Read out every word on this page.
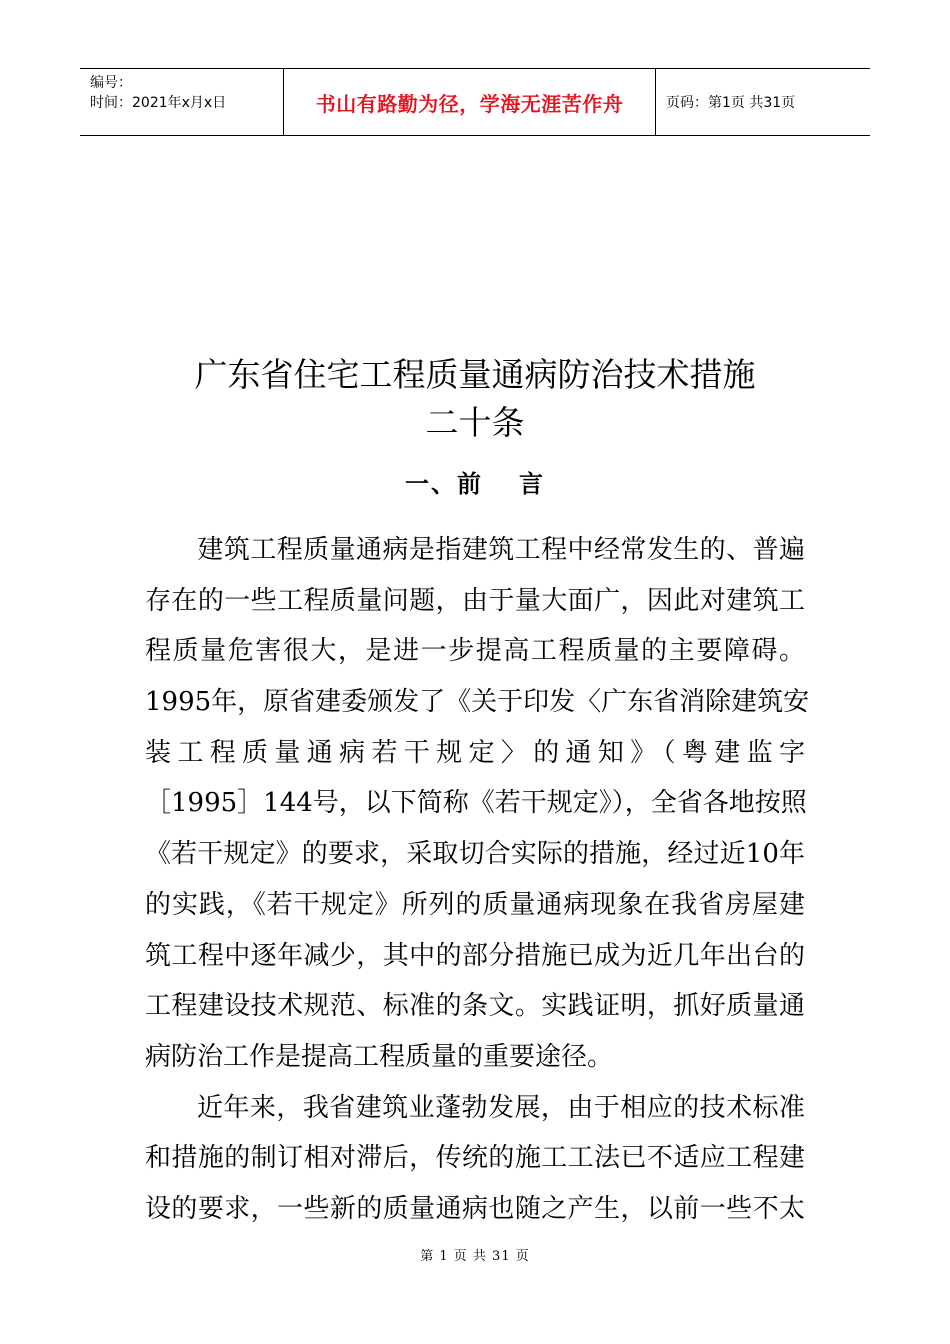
编号：
时间：2021年x月x日	书山有路勤为径，学海无涯苦作舟	页码：第1页 共31页
广东省住宅工程质量通病防治技术措施
二十条
一、前 言
　建筑工程质量通病是指建筑工程中经常发生的、普遍
存在的一些工程质量问题，由于量大面广，因此对建筑工
程质量危害很大，是进一步提高工程质量的主要障碍。
1995年，原省建委颁发了《关于印发〈广东省消除建筑安
装工程质量通病若干规定〉的通知》（粤建监字
［1995］144号，以下简称《若干规定》），全省各地按照
《若干规定》的要求，采取切合实际的措施，经过近10年
的实践，《若干规定》所列的质量通病现象在我省房屋建
筑工程中逐年减少，其中的部分措施已成为近几年出台的
工程建设技术规范、标准的条文。实践证明，抓好质量通
病防治工作是提高工程质量的重要途径。
近年来，我省建筑业蓬勃发展，由于相应的技术标准
和措施的制订相对滞后，传统的施工工法已不适应工程建
设的要求，一些新的质量通病也随之产生，以前一些不太
第 1 页 共 31 页
